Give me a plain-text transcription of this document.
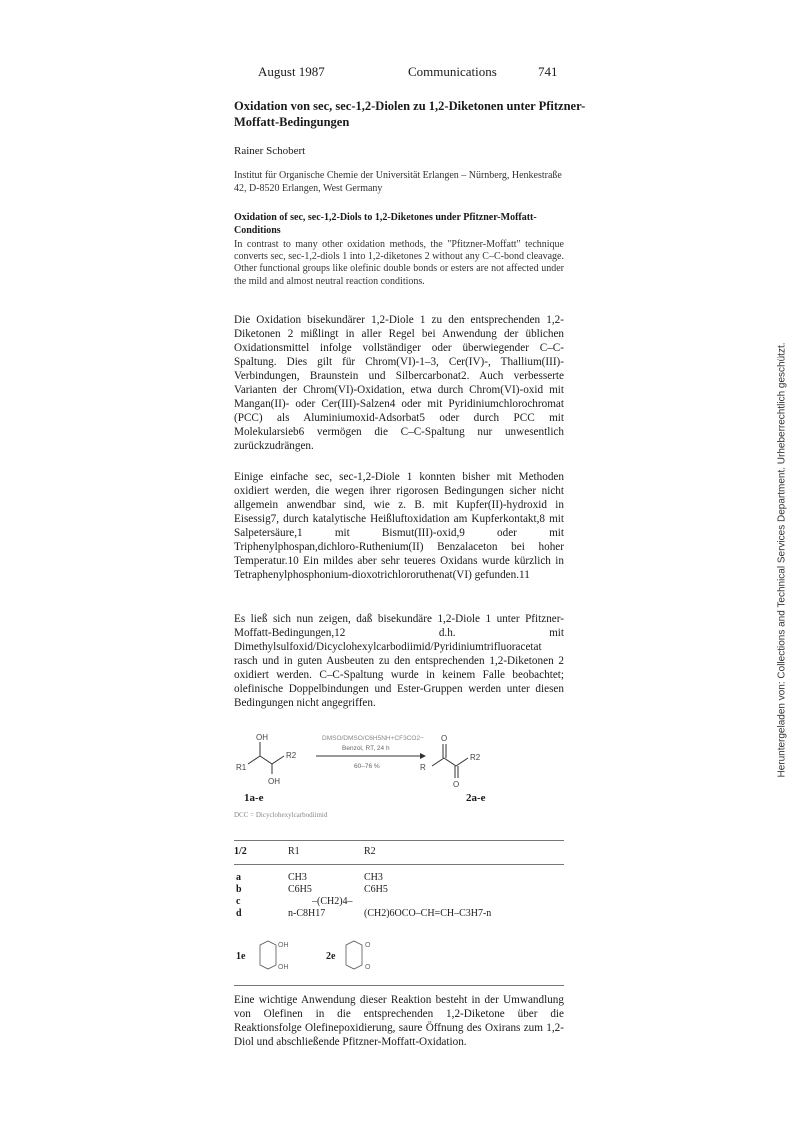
August 1987	Communications	741
Oxidation von sec, sec-1,2-Diolen zu 1,2-Diketonen unter Pfitzner-Moffatt-Bedingungen
Rainer Schobert
Institut für Organische Chemie der Universität Erlangen – Nürnberg, Henkestraße 42, D-8520 Erlangen, West Germany
Oxidation of sec, sec-1,2-Diols to 1,2-Diketones under Pfitzner-Moffatt-Conditions
In contrast to many other oxidation methods, the "Pfitzner-Moffatt" technique converts sec, sec-1,2-diols 1 into 1,2-diketones 2 without any C–C-bond cleavage. Other functional groups like olefinic double bonds or esters are not affected under the mild and almost neutral reaction conditions.
Die Oxidation bisekundärer 1,2-Diole 1 zu den entsprechenden 1,2-Diketonen 2 mißlingt in aller Regel bei Anwendung der üblichen Oxidationsmittel infolge vollständiger oder überwiegender C–C-Spaltung. Dies gilt für Chrom(VI)-1–3, Cer(IV)-, Thallium(III)-Verbindungen, Braunstein und Silbercarbonat2. Auch verbesserte Varianten der Chrom(VI)-Oxidation, etwa durch Chrom(VI)-oxid mit Mangan(II)- oder Cer(III)-Salzen4 oder mit Pyridiniumchlorochromat (PCC) als Aluminiumoxid-Adsorbat5 oder durch PCC mit Molekularsieb6 vermögen die C–C-Spaltung nur unwesentlich zurückzudrängen.
Einige einfache sec, sec-1,2-Diole 1 konnten bisher mit Methoden oxidiert werden, die wegen ihrer rigorosen Bedingungen sicher nicht allgemein anwendbar sind, wie z. B. mit Kupfer(II)-hydroxid in Eisessig7, durch katalytische Heißluftoxidation am Kupferkontakt,8 mit Salpetersäure,1 mit Bismut(III)-oxid,9 oder mit Triphenylphospan,dichloro-Ruthenium(II) Benzalaceton bei hoher Temperatur.10 Ein mildes aber sehr teueres Oxidans wurde kürzlich in Tetraphenylphosphonium-dioxotrichlororuthenat(VI) gefunden.11
Es ließ sich nun zeigen, daß bisekundäre 1,2-Diole 1 unter Pfitzner-Moffatt-Bedingungen,12 d.h. mit Dimethylsulfoxid/Dicyclohexylcarbodiimid/Pyridiniumtrifluoracetat rasch und in guten Ausbeuten zu den entsprechenden 1,2-Diketonen 2 oxidiert werden. C–C-Spaltung wurde in keinem Falle beobachtet; olefinische Doppelbindungen und Ester-Gruppen werden unter diesen Bedingungen nicht angegriffen.
OH
OH
R1
R2
DMSO/DMSO/C6H5NH+CF3CO2−
Benzol, RT, 24 h
60–76 %
O
O
R
R2
1a-e	2a-e
DCC = Dicyclohexylcarbodiimid
1/2	R1	R2
a	CH3	CH3
b	C6H5	C6H5
c	–(CH2)4–
d	n-C8H17	(CH2)6OCO–CH=CH–C3H7-n
1e
OH
OH
2e
O
O
Eine wichtige Anwendung dieser Reaktion besteht in der Umwandlung von Olefinen in die entsprechenden 1,2-Diketone über die Reaktionsfolge Olefinepoxidierung, saure Öffnung des Oxirans zum 1,2-Diol und abschließende Pfitzner-Moffatt-Oxidation.
Heruntergeladen von: Collections and Technical Services Department. Urheberrechtlich geschützt.
